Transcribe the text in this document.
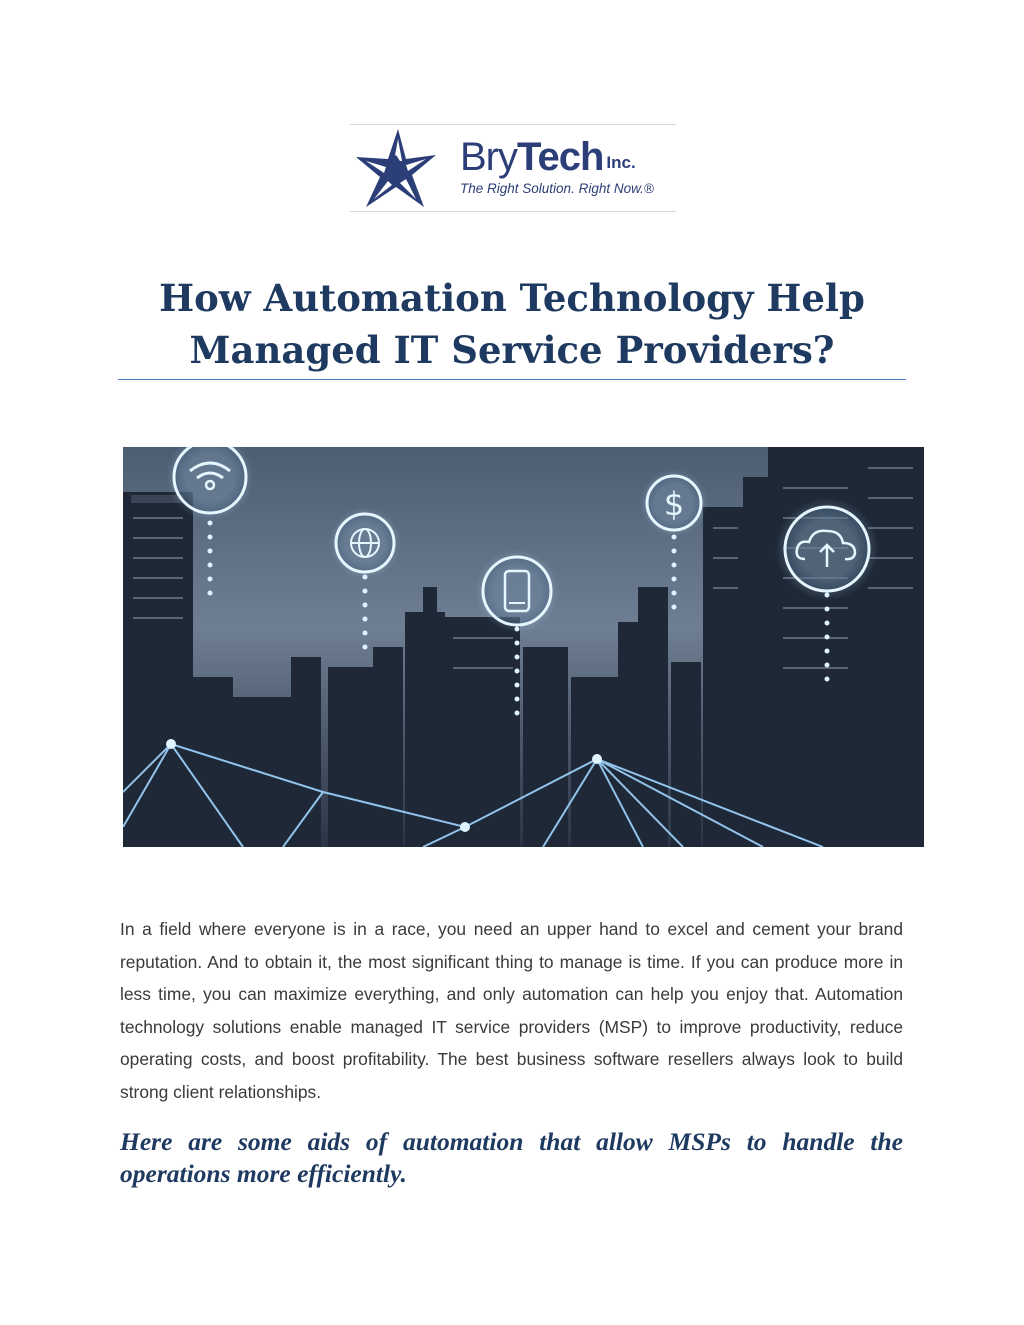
BryTech Inc.
The Right Solution. Right Now.®
How Automation Technology Help Managed IT Service Providers?
$

In a field where everyone is in a race, you need an upper hand to excel and cement your brand reputation. And to obtain it, the most significant thing to manage is time. If you can produce more in less time, you can maximize everything, and only automation can help you enjoy that. Automation technology solutions enable managed IT service providers (MSP) to improve productivity, reduce operating costs, and boost profitability. The best business software resellers always look to build strong client relationships.

Here are some aids of automation that allow MSPs to handle the operations more efficiently.
